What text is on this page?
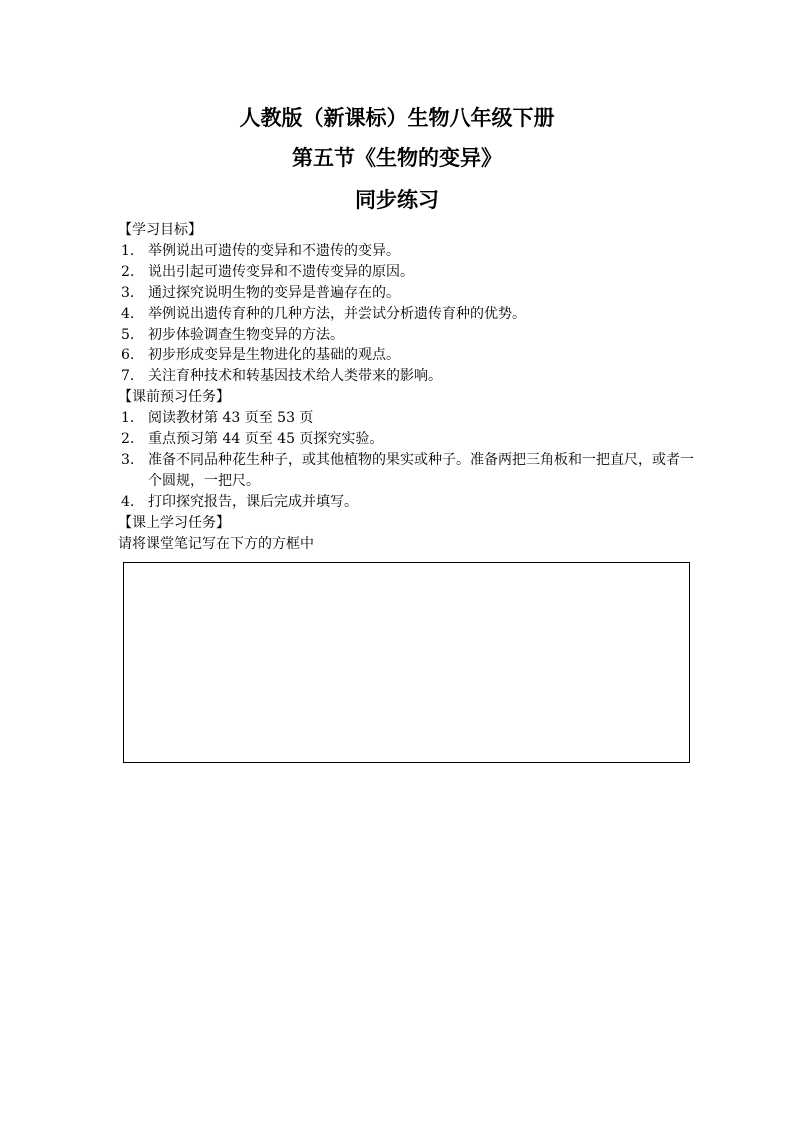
人教版（新课标）生物八年级下册
第五节《生物的变异》
同步练习

【学习目标】

1. 举例说出可遗传的变异和不遗传的变异。
2. 说出引起可遗传变异和不遗传变异的原因。
3. 通过探究说明生物的变异是普遍存在的。
4. 举例说出遗传育种的几种方法，并尝试分析遗传育种的优势。
5. 初步体验调查生物变异的方法。
6. 初步形成变异是生物进化的基础的观点。
7. 关注育种技术和转基因技术给人类带来的影响。

【课前预习任务】

1. 阅读教材第 43 页至 53 页
2. 重点预习第 44 页至 45 页探究实验。
3. 准备不同品种花生种子，或其他植物的果实或种子。准备两把三角板和一把直尺，或者一个圆规，一把尺。
4. 打印探究报告，课后完成并填写。

【课上学习任务】

请将课堂笔记写在下方的方框中
